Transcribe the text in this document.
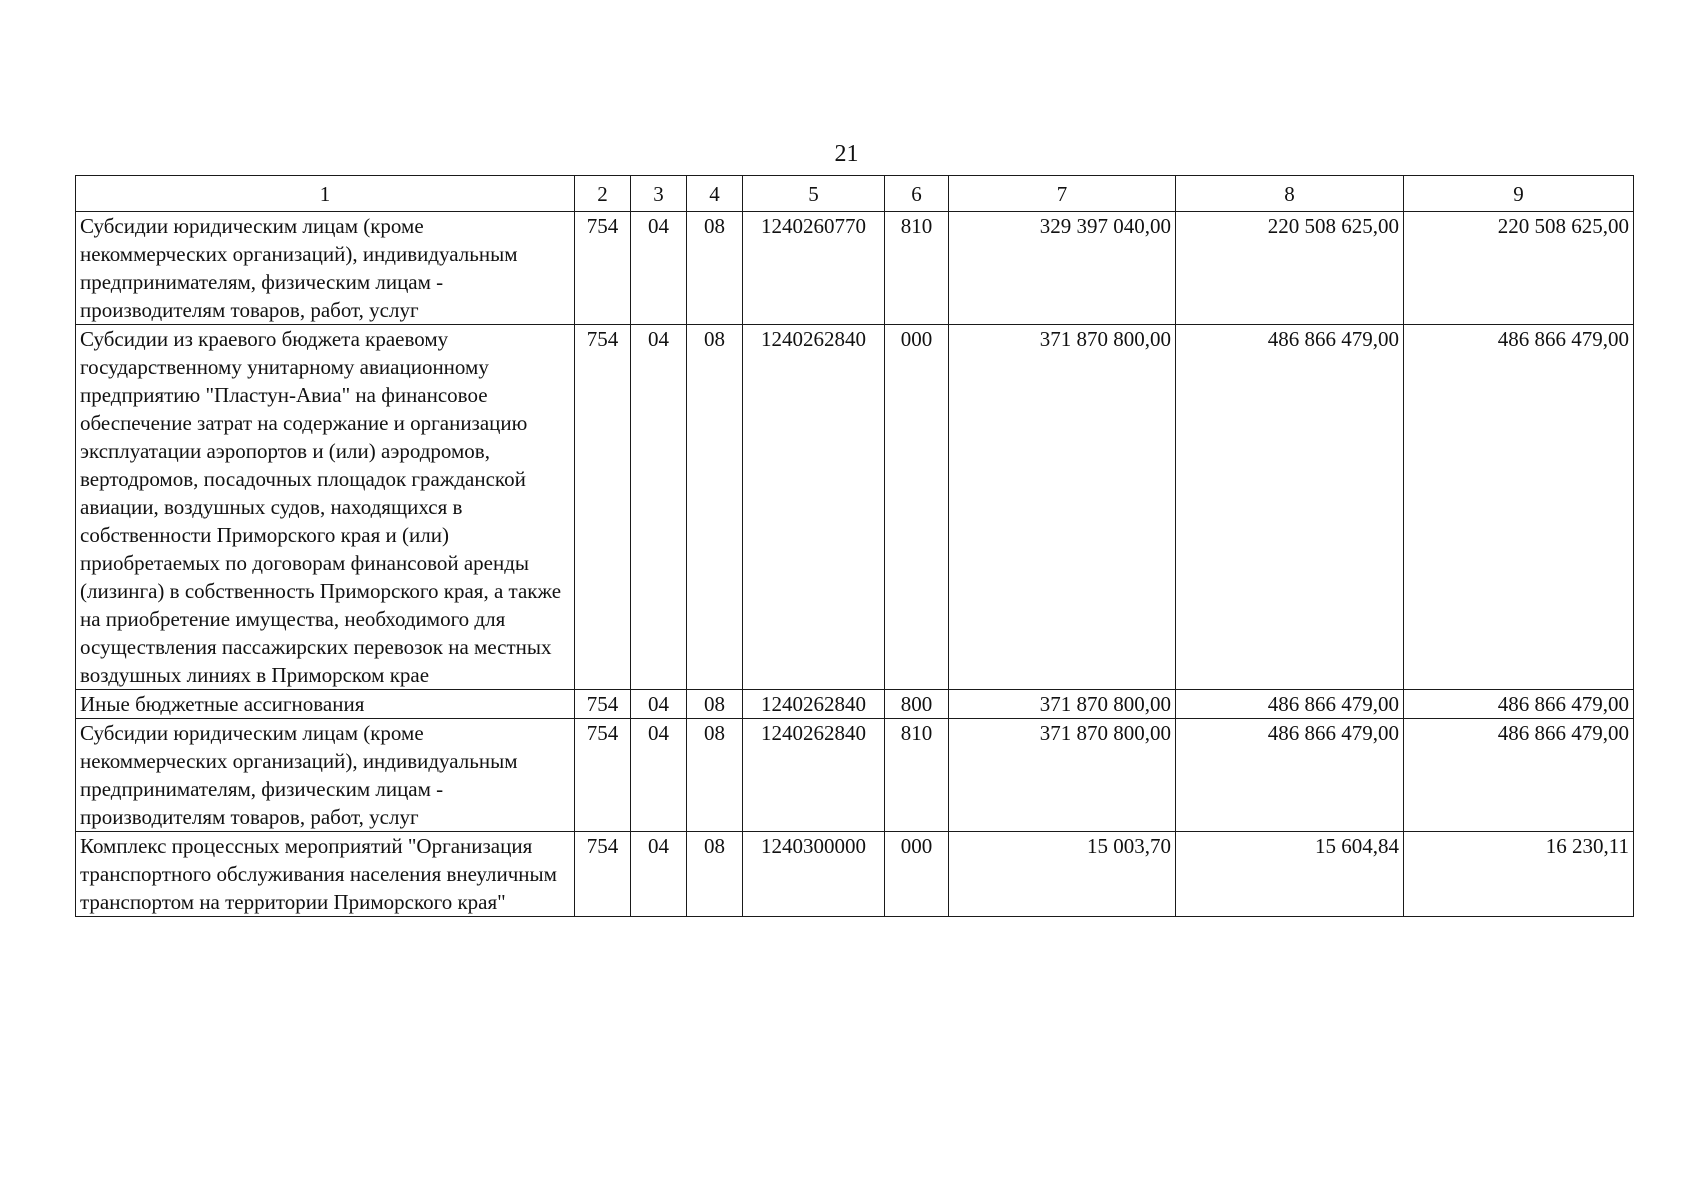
21
1	2	3	4	5	6	7	8	9
Субсидии юридическим лицам (кроме некоммерческих организаций), индивидуальным предпринимателям, физическим лицам - производителям товаров, работ, услуг	754	04	08	1240260770	810	329 397 040,00	220 508 625,00	220 508 625,00
Субсидии из краевого бюджета краевому государственному унитарному авиационному предприятию "Пластун-Авиа" на финансовое обеспечение затрат на содержание и организацию эксплуатации аэропортов и (или) аэродромов, вертодромов, посадочных площадок гражданской авиации, воздушных судов, находящихся в собственности Приморского края и (или) приобретаемых по договорам финансовой аренды (лизинга) в собственность Приморского края, а также на приобретение имущества, необходимого для осуществления пассажирских перевозок на местных воздушных линиях в Приморском крае	754	04	08	1240262840	000	371 870 800,00	486 866 479,00	486 866 479,00
Иные бюджетные ассигнования	754	04	08	1240262840	800	371 870 800,00	486 866 479,00	486 866 479,00
Субсидии юридическим лицам (кроме некоммерческих организаций), индивидуальным предпринимателям, физическим лицам - производителям товаров, работ, услуг	754	04	08	1240262840	810	371 870 800,00	486 866 479,00	486 866 479,00
Комплекс процессных мероприятий "Организация транспортного обслуживания населения внеуличным транспортом на территории Приморского края"	754	04	08	1240300000	000	15 003,70	15 604,84	16 230,11
